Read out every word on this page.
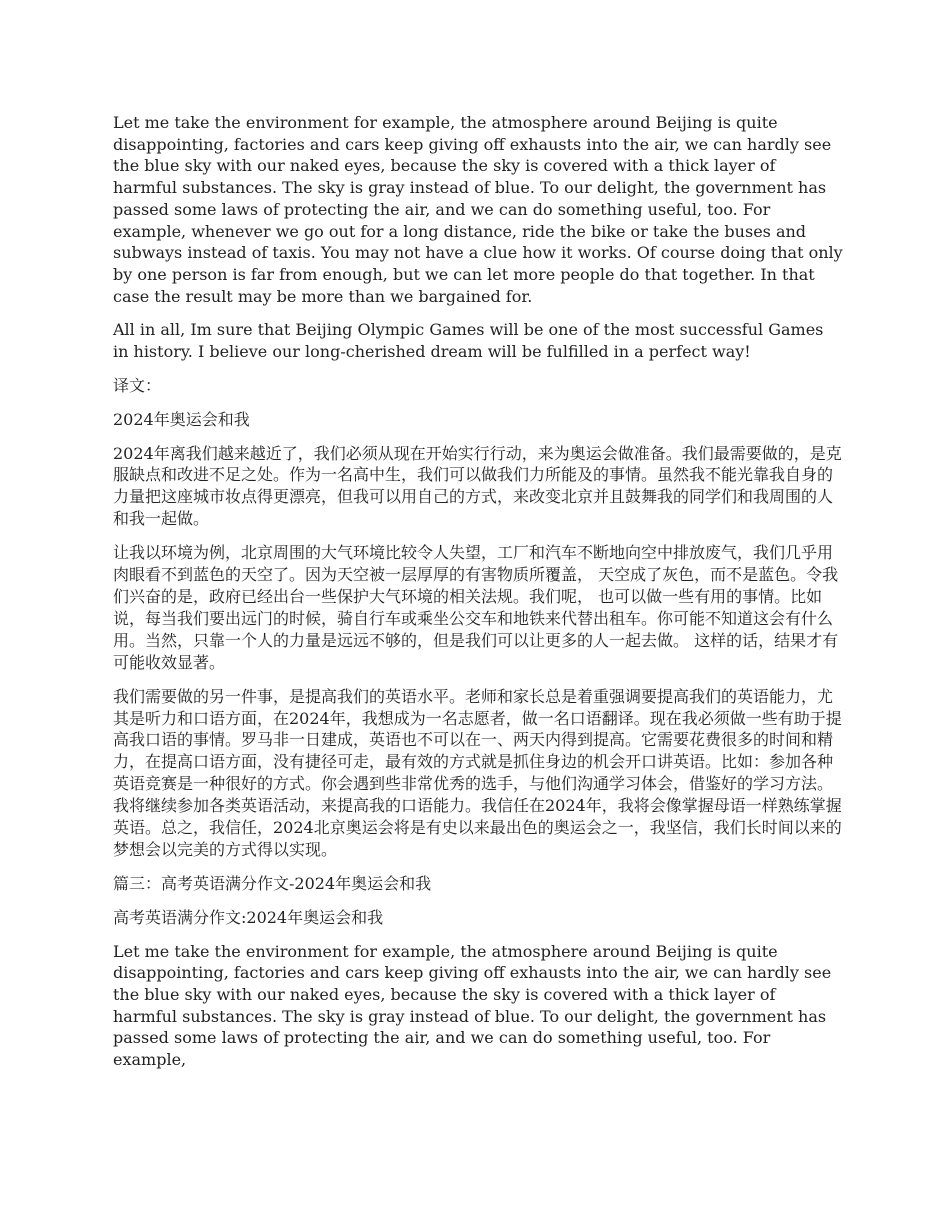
Let me take the environment for example, the atmosphere around Beijing is quite disappointing, factories and cars keep giving off exhausts into the air, we can hardly see the blue sky with our naked eyes, because the sky is covered with a thick layer of harmful substances. The sky is gray instead of blue. To our delight, the government has passed some laws of protecting the air, and we can do something useful, too. For example, whenever we go out for a long distance, ride the bike or take the buses and subways instead of taxis. You may not have a clue how it works. Of course doing that only by one person is far from enough, but we can let more people do that together. In that case the result may be more than we bargained for.

All in all, Im sure that Beijing Olympic Games will be one of the most successful Games in history. I believe our long-cherished dream will be fulfilled in a perfect way!

译文：

2024年奥运会和我

2024年离我们越来越近了，我们必须从现在开始实行行动，来为奥运会做准备。我们最需要做的，是克服缺点和改进不足之处。作为一名高中生，我们可以做我们力所能及的事情。虽然我不能光靠我自身的力量把这座城市妆点得更漂亮，但我可以用自己的方式，来改变北京并且鼓舞我的同学们和我周围的人和我一起做。

让我以环境为例，北京周围的大气环境比较令人失望，工厂和汽车不断地向空中排放废气，我们几乎用肉眼看不到蓝色的天空了。因为天空被一层厚厚的有害物质所覆盖， 天空成了灰色，而不是蓝色。令我们兴奋的是，政府已经出台一些保护大气环境的相关法规。我们呢， 也可以做一些有用的事情。比如说，每当我们要出远门的时候，骑自行车或乘坐公交车和地铁来代替出租车。你可能不知道这会有什么用。当然，只靠一个人的力量是远远不够的，但是我们可以让更多的人一起去做。 这样的话，结果才有可能收效显著。

我们需要做的另一件事，是提高我们的英语水平。老师和家长总是着重强调要提高我们的英语能力，尤其是听力和口语方面，在2024年，我想成为一名志愿者，做一名口语翻译。现在我必须做一些有助于提高我口语的事情。罗马非一日建成，英语也不可以在一、两天内得到提高。它需要花费很多的时间和精力，在提高口语方面，没有捷径可走，最有效的方式就是抓住身边的机会开口讲英语。比如：参加各种英语竞赛是一种很好的方式。你会遇到些非常优秀的选手，与他们沟通学习体会，借鉴好的学习方法。我将继续参加各类英语活动，来提高我的口语能力。我信任在2024年，我将会像掌握母语一样熟练掌握英语。总之，我信任，2024北京奥运会将是有史以来最出色的奥运会之一，我坚信，我们长时间以来的梦想会以完美的方式得以实现。

篇三：高考英语满分作文-2024年奥运会和我

高考英语满分作文:2024年奥运会和我

Let me take the environment for example, the atmosphere around Beijing is quite disappointing, factories and cars keep giving off exhausts into the air, we can hardly see the blue sky with our naked eyes, because the sky is covered with a thick layer of harmful substances. The sky is gray instead of blue. To our delight, the government has passed some laws of protecting the air, and we can do something useful, too. For example,
